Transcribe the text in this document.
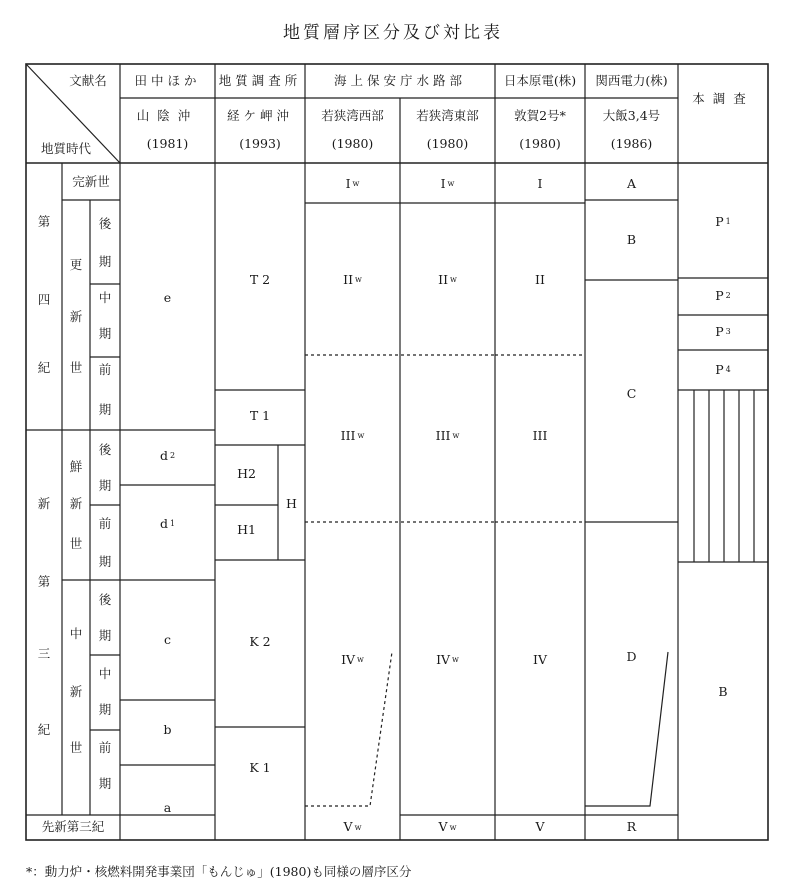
地質層序区分及び対比表
文献名
地質時代
田中ほか
山陰沖
(1981)
地質調査所
経ケ岬沖
(1993)
海上保安庁水路部
若狭湾西部
(1980)
若狭湾東部
(1980)
日本原電(株)
敦賀2号*
(1980)
関西電力(株)
大飯3,4号
(1986)
本調査
第
四
紀
新
第
三
紀
完新世
更
新
世
鮮
新
世
中
新
世
先新第三紀
後
期
中
期
前
期
後
期
前
期
後
期
中
期
前
期
e
d 2
d 1
c
b
a
T 2
T 1
H2
H1
H
K 2
K 1
I w
II w
III w
IV w
V w
I w
II w
III w
IV w
V w
I
II
III
IV
V
A
B
C
D
R
P 1
P 2
P 3
P 4
B
*：動力炉・核燃料開発事業団「もんじゅ」(1980)も同様の層序区分
